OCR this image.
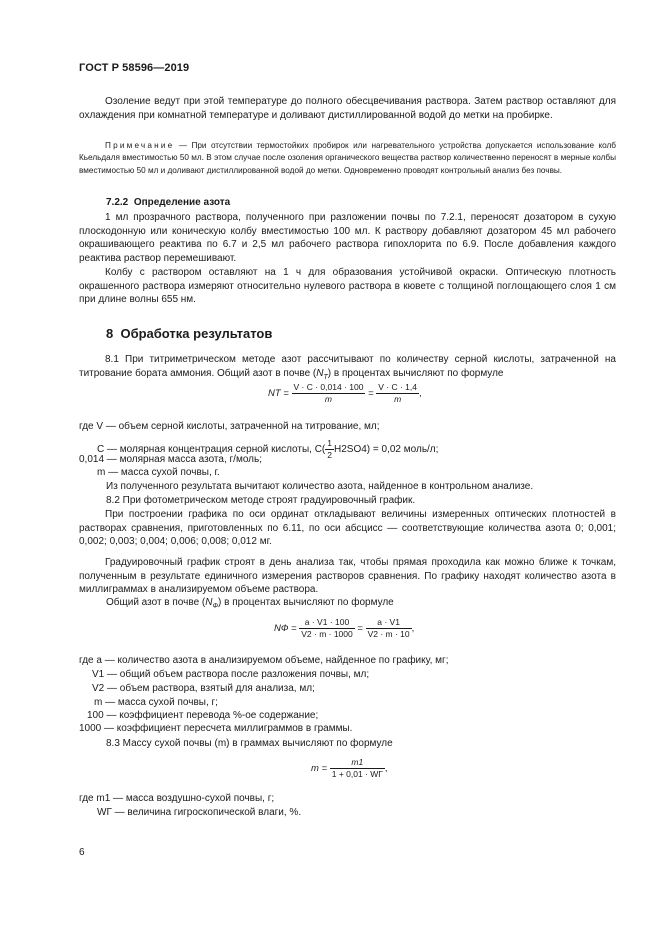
ГОСТ Р 58596—2019
Озоление ведут при этой температуре до полного обесцвечивания раствора. Затем раствор оставляют для охлаждения при комнатной температуре и доливают дистиллированной водой до метки на пробирке.
Примечание — При отсутствии термостойких пробирок или нагревательного устройства допускается использование колб Кьельдаля вместимостью 50 мл. В этом случае после озоления органического вещества раствор количественно переносят в мерные колбы вместимостью 50 мл и доливают дистиллированной водой до метки. Одновременно проводят контрольный анализ без почвы.
7.2.2 Определение азота
1 мл прозрачного раствора, полученного при разложении почвы по 7.2.1, переносят дозатором в сухую плоскодонную или коническую колбу вместимостью 100 мл. К раствору добавляют дозатором 45 мл рабочего окрашивающего реактива по 6.7 и 2,5 мл рабочего раствора гипохлорита по 6.9. После добавления каждого реактива раствор перемешивают.
Колбу с раствором оставляют на 1 ч для образования устойчивой окраски. Оптическую плотность окрашенного раствора измеряют относительно нулевого раствора в кювете с толщиной поглощающего слоя 1 см при длине волны 655 нм.
8 Обработка результатов
8.1 При титриметрическом методе азот рассчитывают по количеству серной кислоты, затраченной на титрование бората аммония. Общий азот в почве $(N_T)$ в процентах вычисляют по формуле
NT = $\frac{V \cdot C \cdot 0,014 \cdot 100}{m} = \frac{V \cdot C \cdot 1,4}{m}$ ,
где V — объем серной кислоты, затраченной на титрование, мл;
C — молярная концентрация серной кислоты, $C( \frac{1}{2} H2SO4) = 0,02$ моль/л;
0,014 — молярная масса азота, г/моль;
m — масса сухой почвы, г.
Из полученного результата вычитают количество азота, найденное в контрольном анализе.
8.2 При фотометрическом методе строят градуировочный график.
При построении графика по оси ординат откладывают величины измеренных оптических плотностей в растворах сравнения, приготовленных по 6.11, по оси абсцисс — соответствующие количества азота 0; 0,001; 0,002; 0,003; 0,004; 0,006; 0,008; 0,012 мг.
Градуировочный график строят в день анализа так, чтобы прямая проходила как можно ближе к точкам, полученным в результате единичного измерения растворов сравнения. По графику находят количество азота в миллиграммах в анализируемом объеме раствора.
Общий азот в почве $(N_Ф)$ в процентах вычисляют по формуле
NФ = $\frac{a \cdot V1 \cdot 100}{V2 \cdot m \cdot 1000} = \frac{a \cdot V1}{V2 \cdot m \cdot 10}$ ,
где a — количество азота в анализируемом объеме, найденное по графику, мг;
V1 — общий объем раствора после разложения почвы, мл;
V2 — объем раствора, взятый для анализа, мл;
m — масса сухой почвы, г;
100 — коэффициент перевода %-ое содержание;
1000 — коэффициент пересчета миллиграммов в граммы.
8.3 Массу сухой почвы (m) в граммах вычисляют по формуле
$m = \frac{m1}{1 + 0,01 \cdot WГ}$ ,
где m1 — масса воздушно-сухой почвы, г;
WГ — величина гигроскопической влаги, %.
6
